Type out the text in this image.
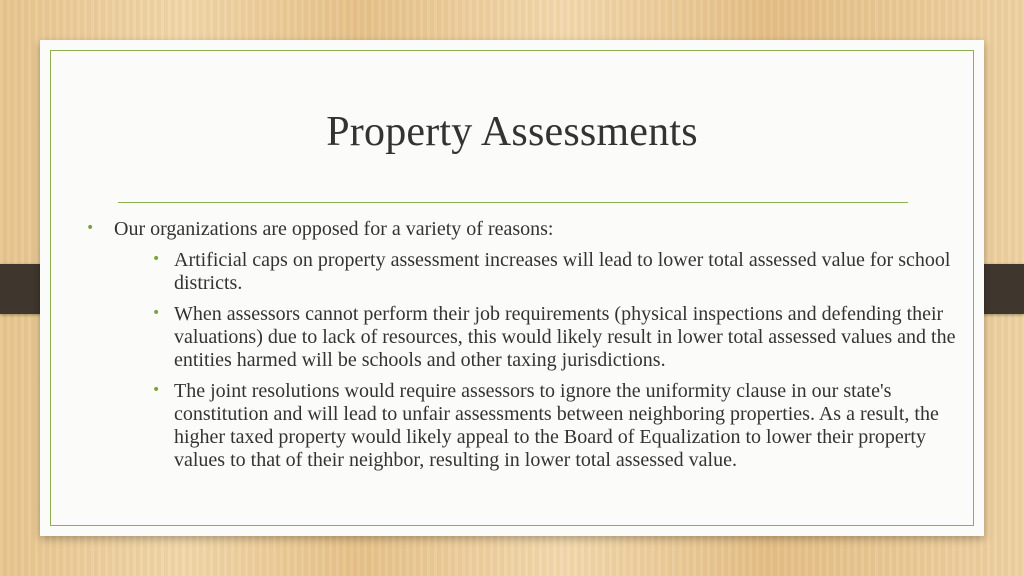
Property Assessments
• Our organizations are opposed for a variety of reasons:
• Artificial caps on property assessment increases will lead to lower total assessed value for school districts.
• When assessors cannot perform their job requirements (physical inspections and defending their valuations) due to lack of resources, this would likely result in lower total assessed values and the entities harmed will be schools and other taxing jurisdictions.
• The joint resolutions would require assessors to ignore the uniformity clause in our state's constitution and will lead to unfair assessments between neighboring properties. As a result, the higher taxed property would likely appeal to the Board of Equalization to lower their property values to that of their neighbor, resulting in lower total assessed value.
